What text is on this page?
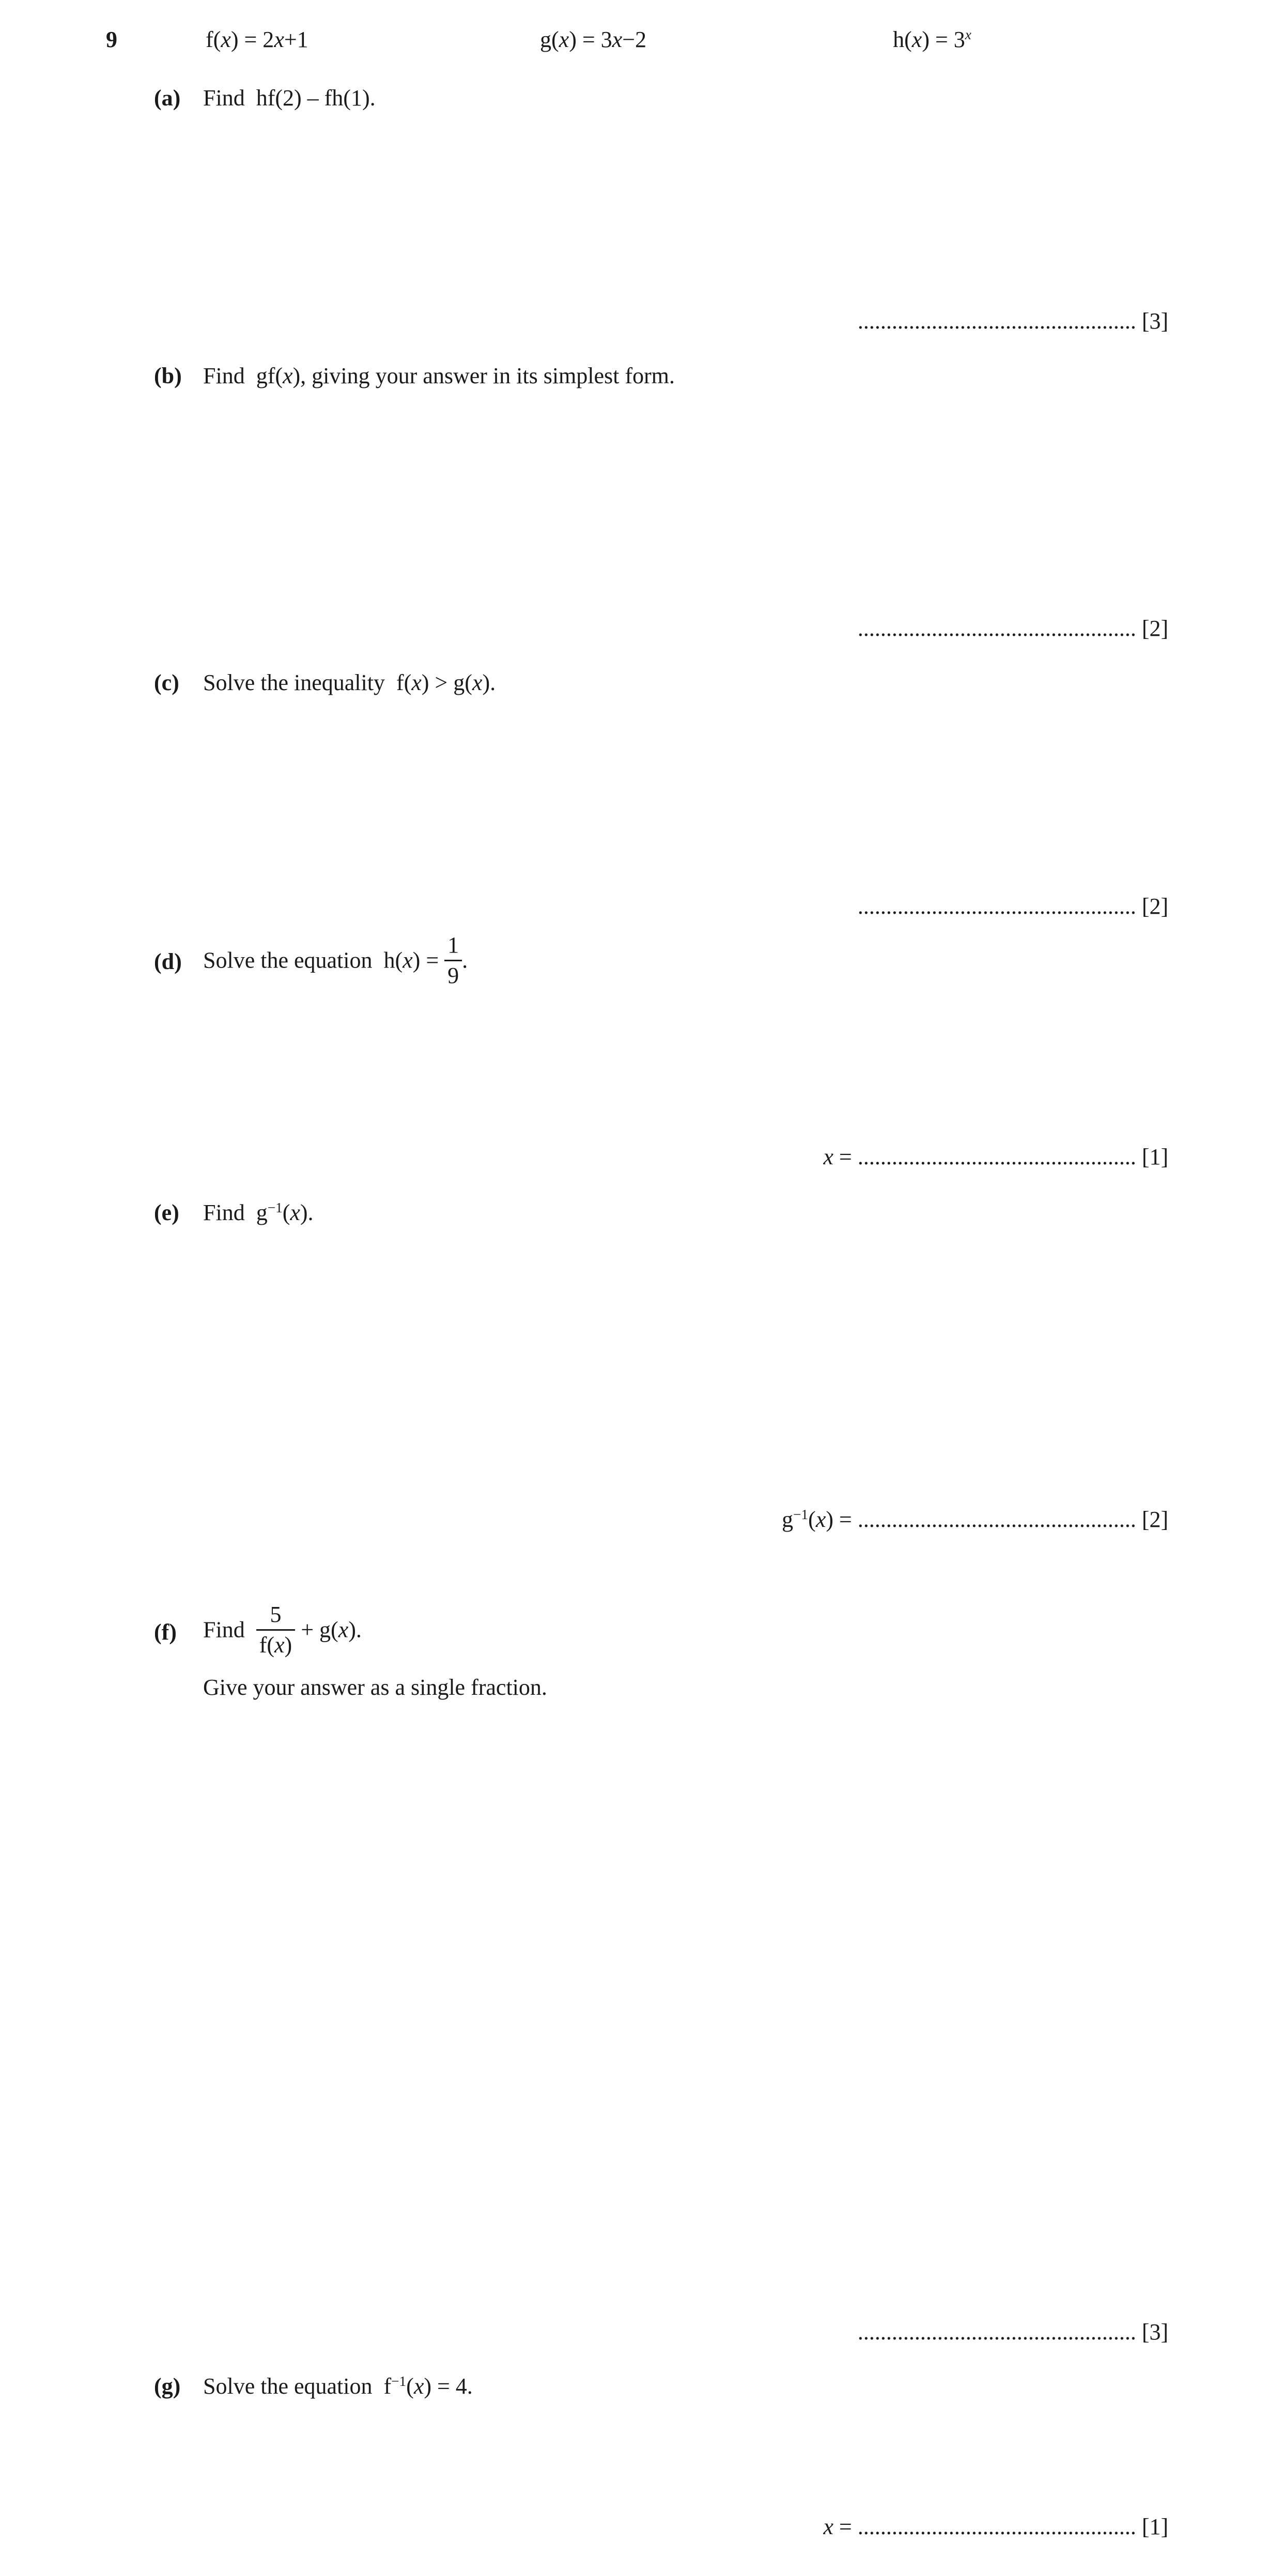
9	f(x) = 2x+1	g(x) = 3x−2	$h(x) = 3^x$
(a) Find  hf(2) – fh(1).
................................................. [3]
(b) Find  gf(x), giving your answer in its simplest form.
................................................. [2]
(c) Solve the inequality  f(x) > g(x).
................................................. [2]
(d) Solve the equation  $h(x) = \frac{1}{9}$ .
x = ................................................. [1]
(e) Find  $g^{-1}(x)$.
$g^{-1}(x)$ = ................................................. [2]
(f) Find $\frac{5}{f(x)} + g(x)$.
Give your answer as a single fraction.
................................................. [3]
(g) Solve the equation  $f^{-1}(x) = 4$.
x = ................................................. [1]
